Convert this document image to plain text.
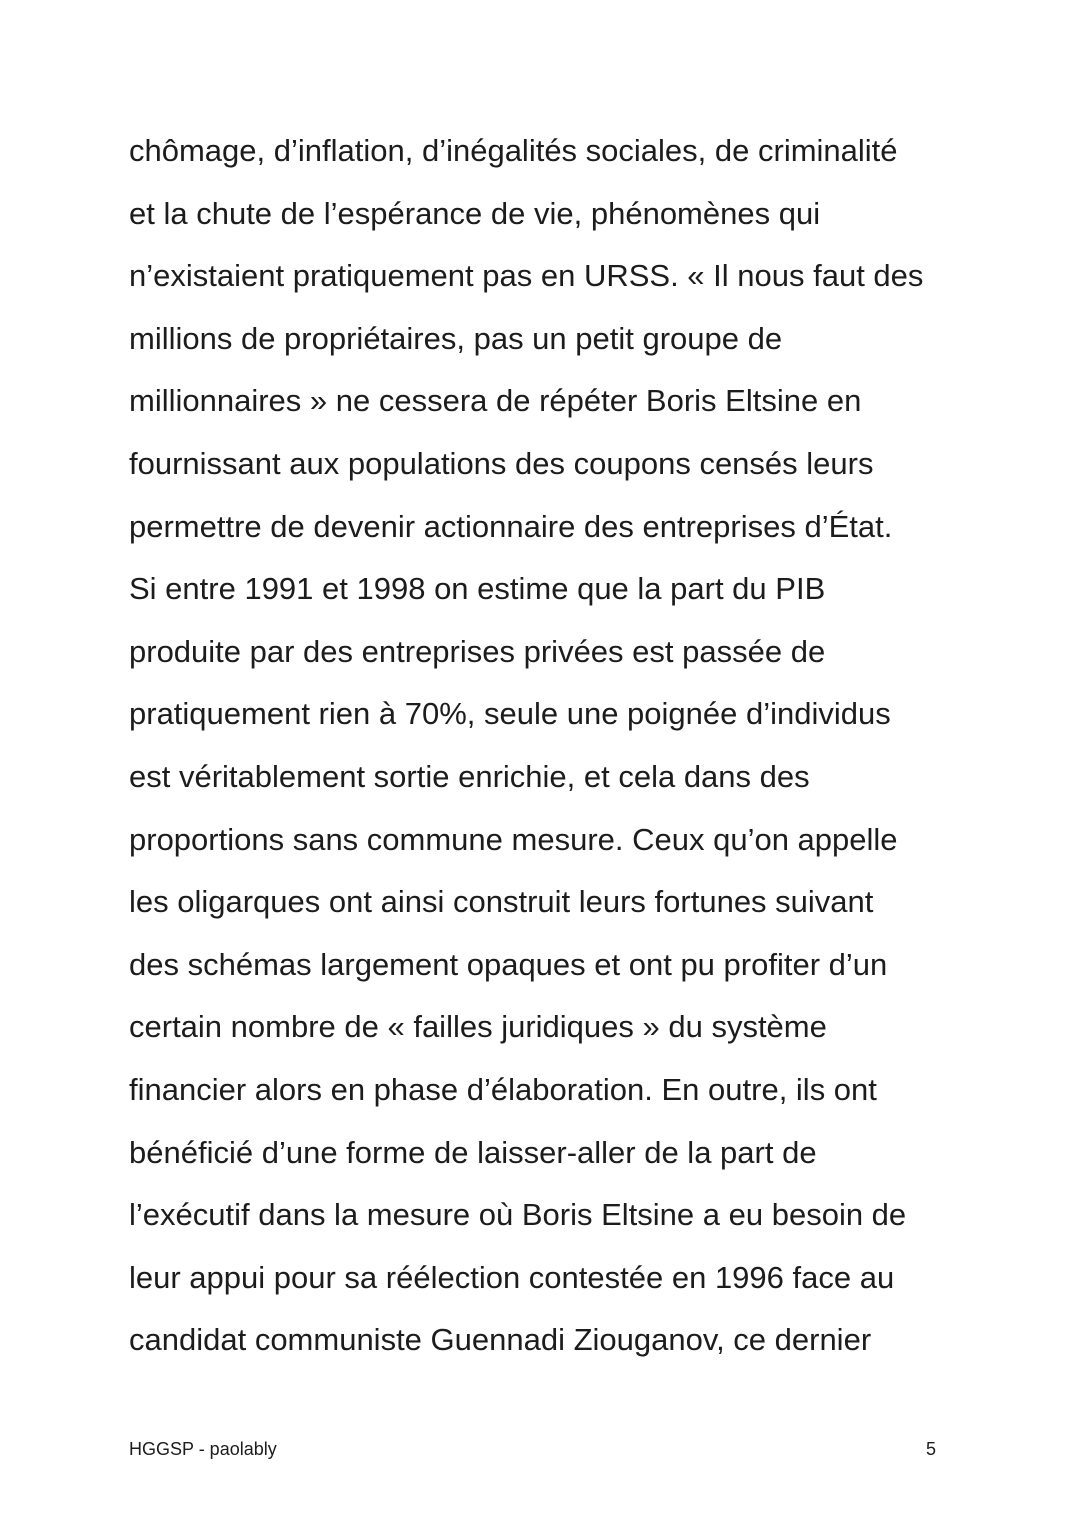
chômage, d’inflation, d’inégalités sociales, de criminalité
et la chute de l’espérance de vie, phénomènes qui
n’existaient pratiquement pas en URSS. « Il nous faut des
millions de propriétaires, pas un petit groupe de
millionnaires » ne cessera de répéter Boris Eltsine en
fournissant aux populations des coupons censés leurs
permettre de devenir actionnaire des entreprises d’État.
Si entre 1991 et 1998 on estime que la part du PIB
produite par des entreprises privées est passée de
pratiquement rien à 70%, seule une poignée d’individus
est véritablement sortie enrichie, et cela dans des
proportions sans commune mesure. Ceux qu’on appelle
les oligarques ont ainsi construit leurs fortunes suivant
des schémas largement opaques et ont pu profiter d’un
certain nombre de « failles juridiques » du système
financier alors en phase d’élaboration. En outre, ils ont
bénéficié d’une forme de laisser-aller de la part de
l’exécutif dans la mesure où Boris Eltsine a eu besoin de
leur appui pour sa réélection contestée en 1996 face au
candidat communiste Guennadi Ziouganov, ce dernier
HGGSP - paolably	5
